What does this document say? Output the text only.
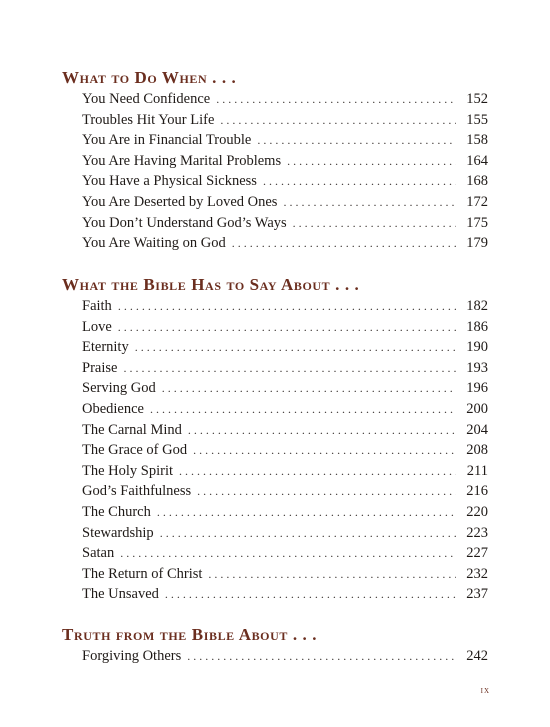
What to Do When . . .
You Need Confidence . . .	152
Troubles Hit Your Life . . .	155
You Are in Financial Trouble . . .	158
You Are Having Marital Problems . . .	164
You Have a Physical Sickness . . .	168
You Are Deserted by Loved Ones . . .	172
You Don’t Understand God’s Ways . . .	175
You Are Waiting on God . . .	179
What the Bible Has to Say About . . .
Faith . . .	182
Love . . .	186
Eternity . . .	190
Praise . . .	193
Serving God . . .	196
Obedience . . .	200
The Carnal Mind . . .	204
The Grace of God . . .	208
The Holy Spirit . . .	211
God’s Faithfulness . . .	216
The Church . . .	220
Stewardship . . .	223
Satan . . .	227
The Return of Christ . . .	232
The Unsaved . . .	237
Truth from the Bible About . . .
Forgiving Others . . .	242
ix
